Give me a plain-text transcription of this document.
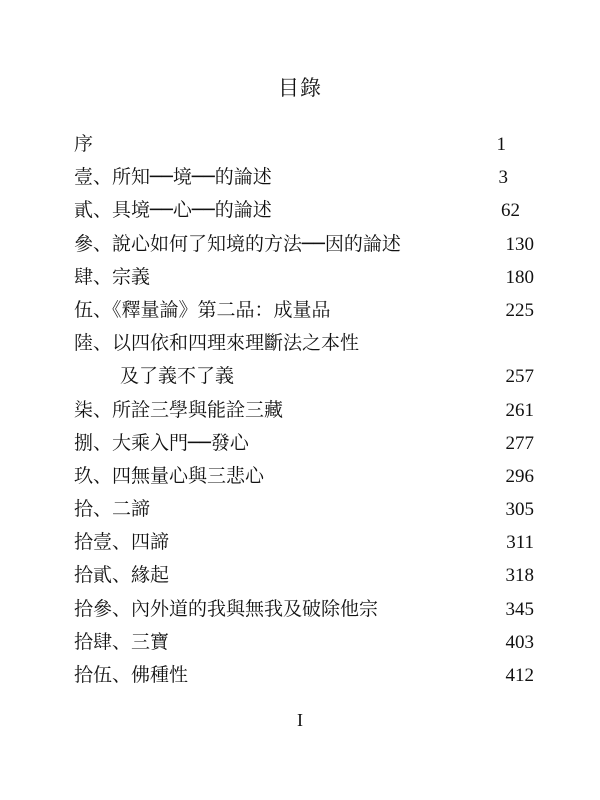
目錄
序	1
壹、所知──境──的論述	3
貳、具境──心──的論述	62
參、說心如何了知境的方法──因的論述	130
肆、宗義	180
伍、《釋量論》第二品：成量品	225
陸、以四依和四理來理斷法之本性
及了義不了義	257
柒、所詮三學與能詮三藏	261
捌、大乘入門──發心	277
玖、四無量心與三悲心	296
拾、二諦	305
拾壹、四諦	311
拾貳、緣起	318
拾參、內外道的我與無我及破除他宗	345
拾肆、三寶	403
拾伍、佛種性	412
I
